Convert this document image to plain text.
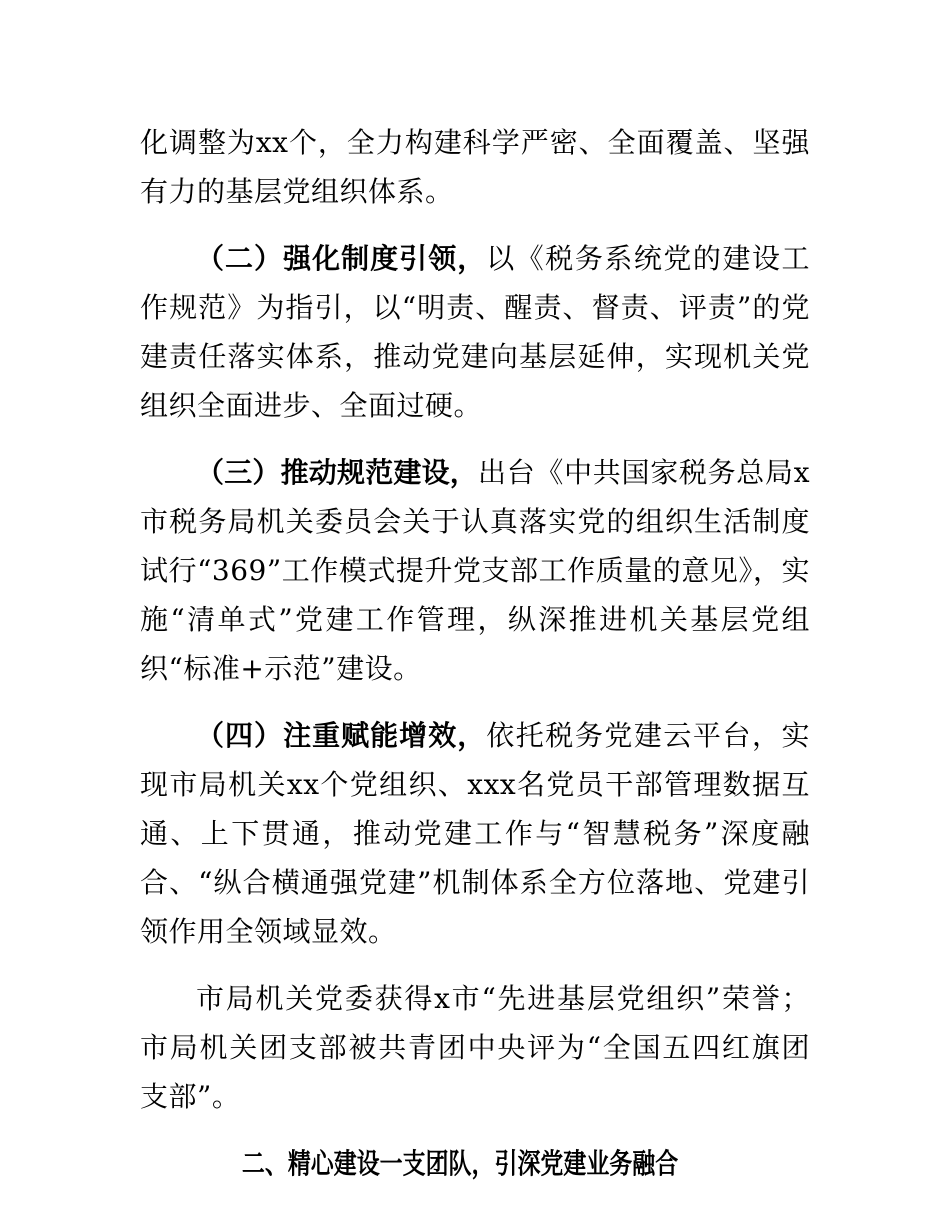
化调整为xx个，全力构建科学严密、全面覆盖、坚强有力的基层党组织体系。

（二）强化制度引领，以《税务系统党的建设工作规范》为指引，以“明责、醒责、督责、评责”的党建责任落实体系，推动党建向基层延伸，实现机关党组织全面进步、全面过硬。

（三）推动规范建设，出台《中共国家税务总局x市税务局机关委员会关于认真落实党的组织生活制度试行“369”工作模式提升党支部工作质量的意见》，实施“清单式”党建工作管理，纵深推进机关基层党组织“标准+示范”建设。

（四）注重赋能增效，依托税务党建云平台，实现市局机关xx个党组织、xxx名党员干部管理数据互通、上下贯通，推动党建工作与“智慧税务”深度融合、“纵合横通强党建”机制体系全方位落地、党建引领作用全领域显效。

市局机关党委获得x市“先进基层党组织”荣誉；市局机关团支部被共青团中央评为“全国五四红旗团支部”。

二、精心建设一支团队，引深党建业务融合
